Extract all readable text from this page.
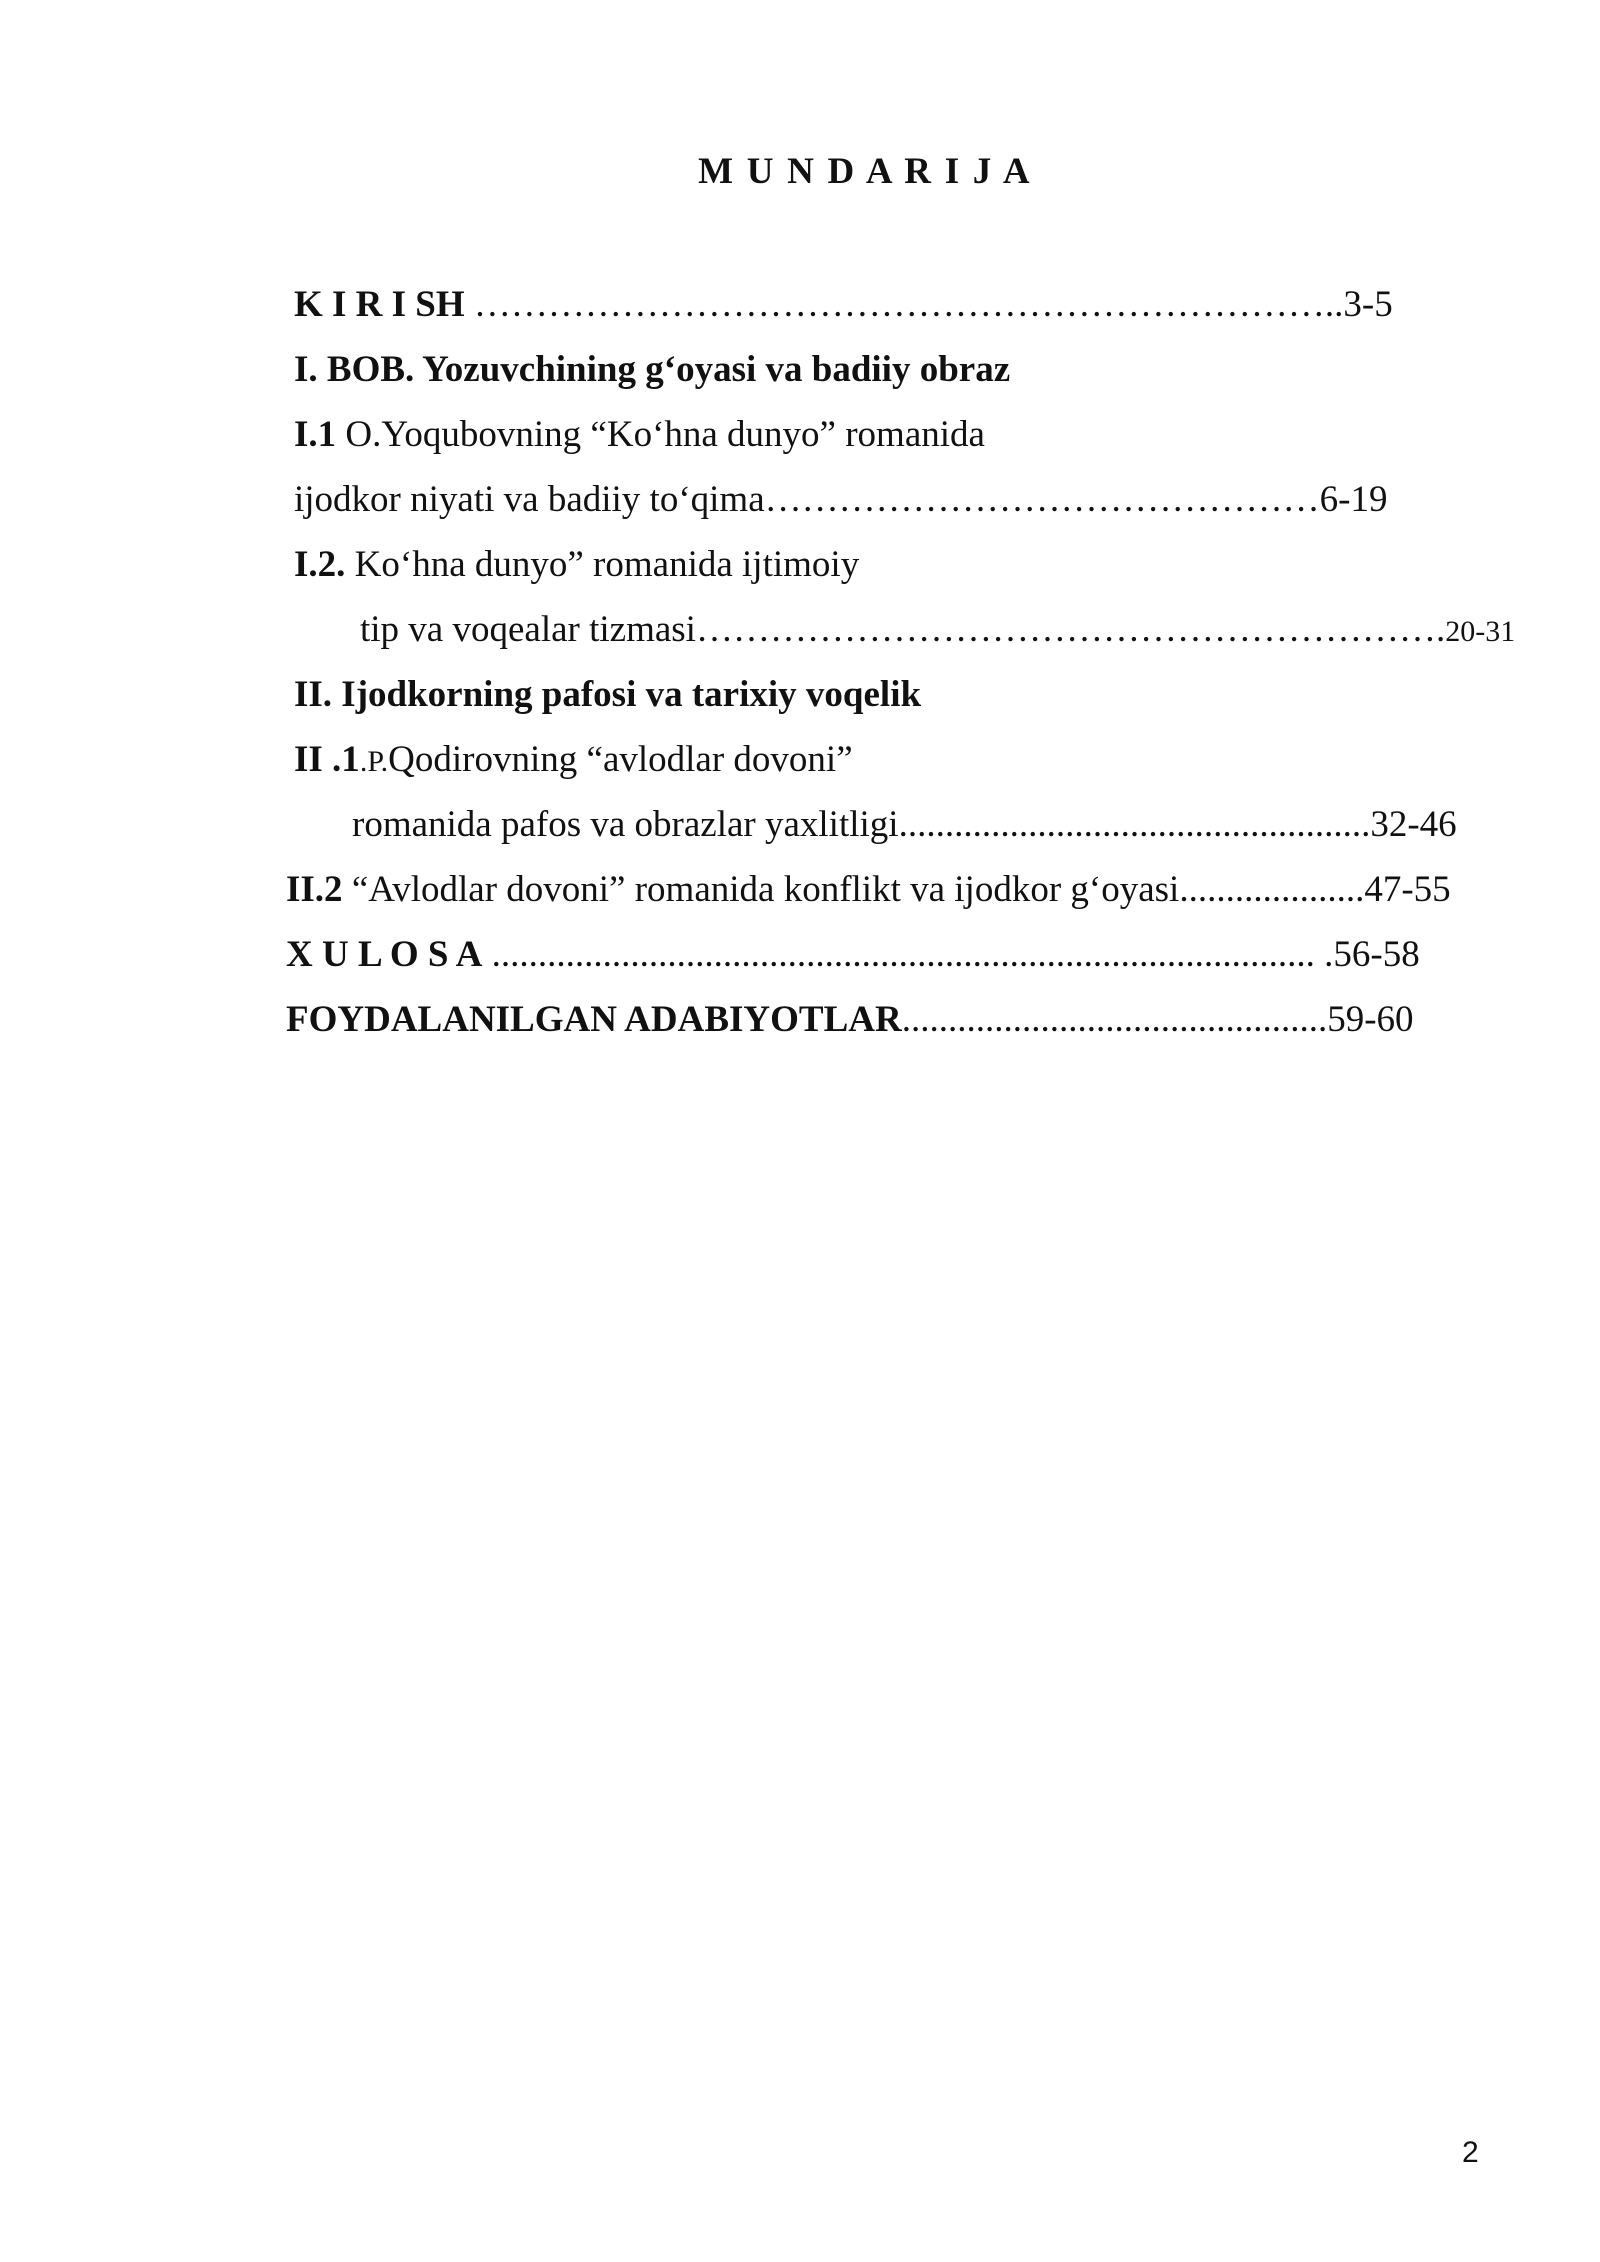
M U N D A R I J A
K I R I SH ……………………………………………………………..3-5
I. BOB. Yozuvchining g‘oyasi va badiiy obraz
I.1 O.Yoqubovning “Ko‘hna dunyo” romanida
ijodkor niyati va badiiy to‘qima………………………………………6-19
I.2. Ko‘hna dunyo” romanida ijtimoiy
tip va voqealar tizmasi…………………………………………………….20-31
II. Ijodkorning pafosi va tarixiy voqelik
II .1.P.Qodirovning “avlodlar dovoni”
romanida pafos va obrazlar yaxlitligi...................................................32-46
II.2 “Avlodlar dovoni” romanida konflikt va ijodkor g‘oyasi....................47-55
X U L O S A ......................................................................................... .56-58
FOYDALANILGAN ADABIYOTLAR..............................................59-60
2
